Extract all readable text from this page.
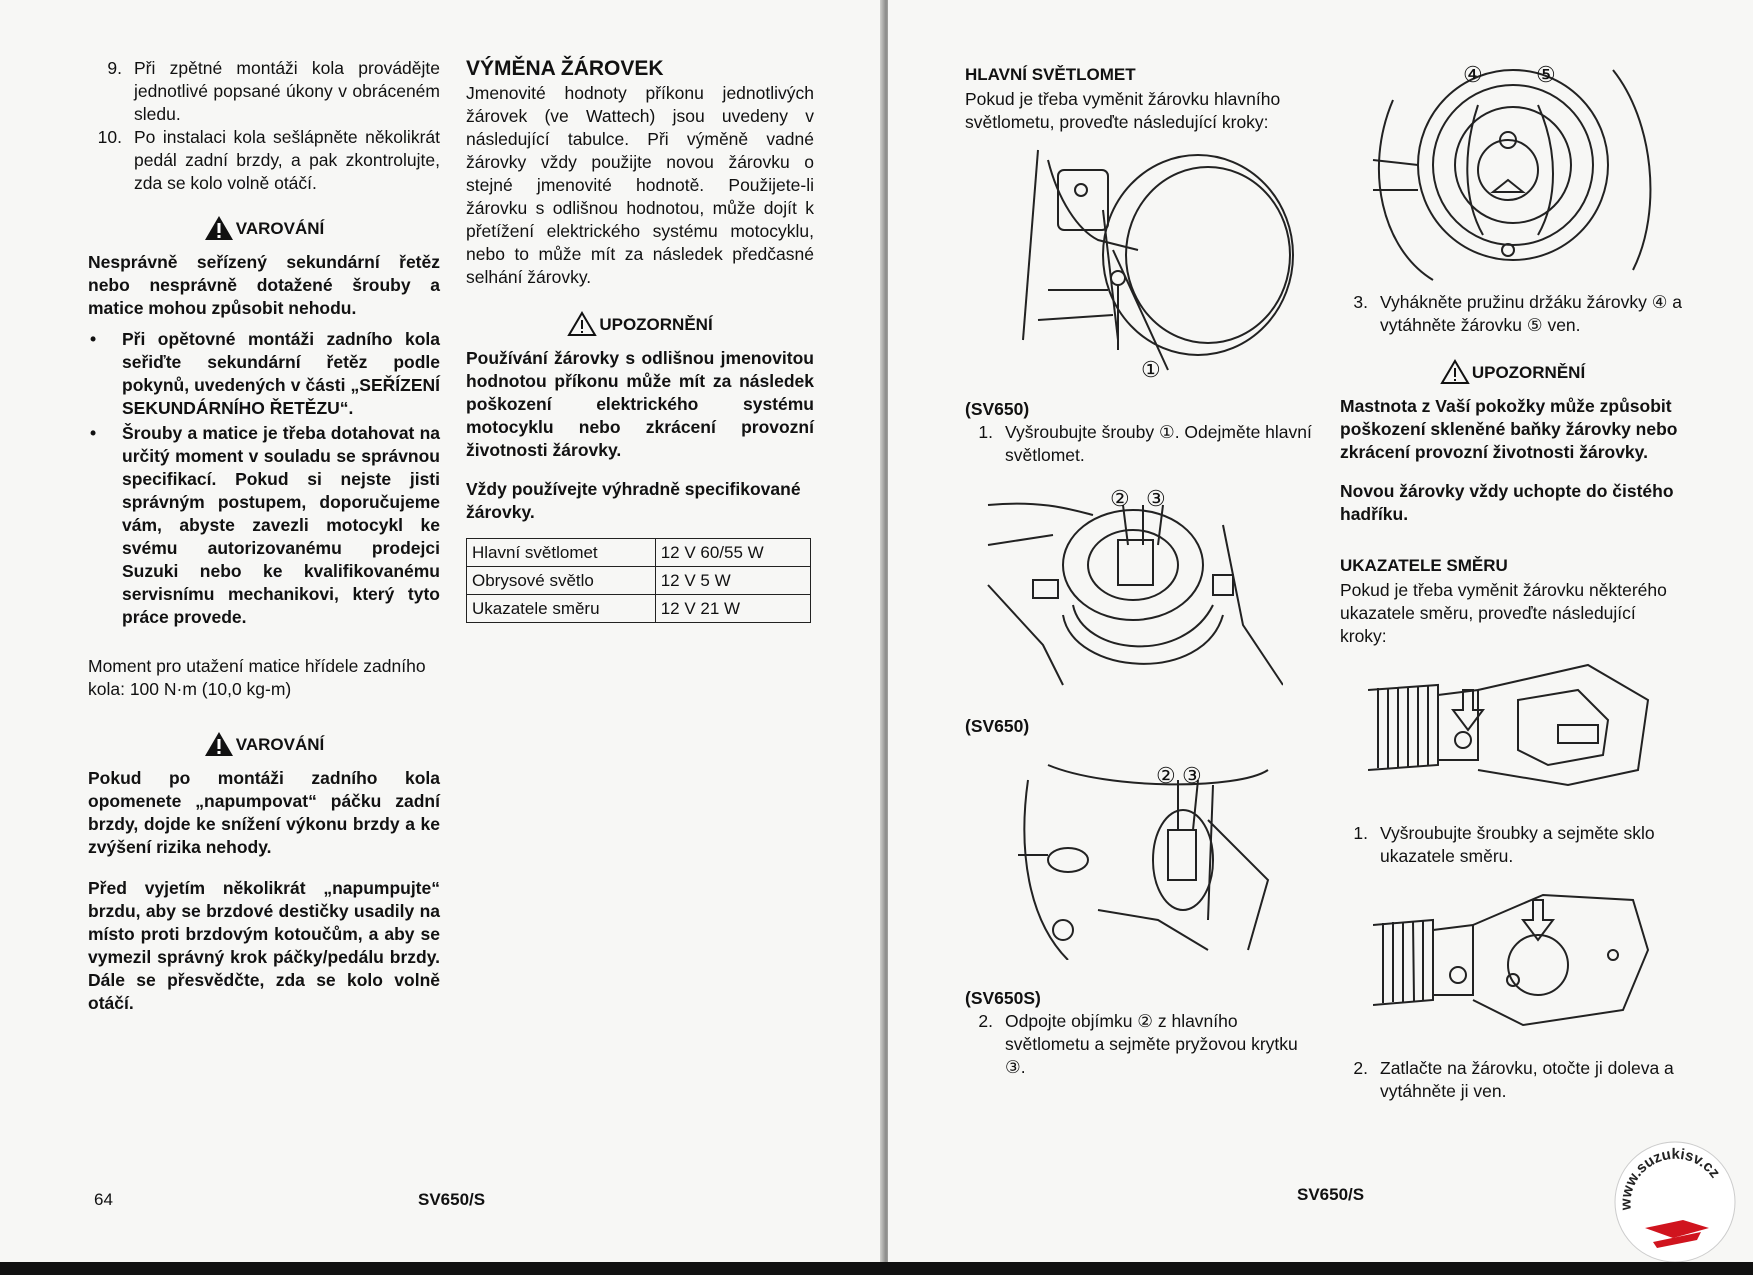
9. Při zpětné montáži kola provádějte jednotlivé popsané úkony v obráceném sledu.
10. Po instalaci kola sešlápněte několikrát pedál zadní brzdy, a pak zkontrolujte, zda se kolo volně otáčí.
VAROVÁNÍ
Nesprávně seřízený sekundární řetěz nebo nesprávně dotažené šrouby a matice mohou způsobit nehodu.
•	Při opětovné montáži zadního kola seřiďte sekundární řetěz podle pokynů, uvedených v části „SEŘÍZENÍ SEKUNDÁRNÍHO ŘETĚZU“.
•	Šrouby a matice je třeba dotahovat na určitý moment v souladu se správnou specifikací. Pokud si nejste jisti správným postupem, doporučujeme vám, abyste zavezli motocykl ke svému autorizovanému prodejci Suzuki nebo ke kvalifikovanému servisnímu mechanikovi, který tyto práce provede.
Moment pro utažení matice hřídele zadního kola: 100 N·m (10,0 kg-m)
VAROVÁNÍ
Pokud po montáži zadního kola opomenete „napumpovat“ páčku zadní brzdy, dojde ke snížení výkonu brzdy a ke zvýšení rizika nehody.
Před vyjetím několikrát „napumpujte“ brzdu, aby se brzdové destičky usadily na místo proti brzdovým kotoučům, a aby se vymezil správný krok páčky/pedálu brzdy. Dále se přesvědčte, zda se kolo volně otáčí.
VÝMĚNA ŽÁROVEK
Jmenovité hodnoty příkonu jednotlivých žárovek (ve Wattech) jsou uvedeny v následující tabulce. Při výměně vadné žárovky vždy použijte novou žárovku o stejné jmenovité hodnotě. Použijete-li žárovku s odlišnou hodnotou, může dojít k přetížení elektrického systému motocyklu, nebo to může mít za následek předčasné selhání žárovky.
UPOZORNĚNÍ
Používání žárovky s odlišnou jmenovitou hodnotou příkonu může mít za následek poškození elektrického systému motocyklu nebo zkrácení provozní životnosti žárovky.
Vždy používejte výhradně specifikované žárovky.
Hlavní světlomet	12 V 60/55 W
Obrysové světlo	12 V 5 W
Ukazatele směru	12 V 21 W
64	SV650/S
HLAVNÍ SVĚTLOMET
Pokud je třeba vyměnit žárovku hlavního světlometu, proveďte následující kroky:
①
(SV650)
1. Vyšroubujte šrouby ①. Odejměte hlavní světlomet.
② ③
(SV650)
② ③
(SV650S)
2. Odpojte objímku ② z hlavního světlometu a sejměte pryžovou krytku ③.
④ ⑤
3. Vyhákněte pružinu držáku žárovky ④ a vytáhněte žárovku ⑤ ven.
UPOZORNĚNÍ
Mastnota z Vaší pokožky může způsobit poškození skleněné baňky žárovky nebo zkrácení provozní životnosti žárovky.
Novou žárovky vždy uchopte do čistého hadříku.
UKAZATELE SMĚRU
Pokud je třeba vyměnit žárovku některého ukazatele směru, proveďte následující kroky:
1. Vyšroubujte šroubky a sejměte sklo ukazatele směru.
2. Zatlačte na žárovku, otočte ji doleva a vytáhněte ji ven.
SV650/S
www.suzukisv.cz
